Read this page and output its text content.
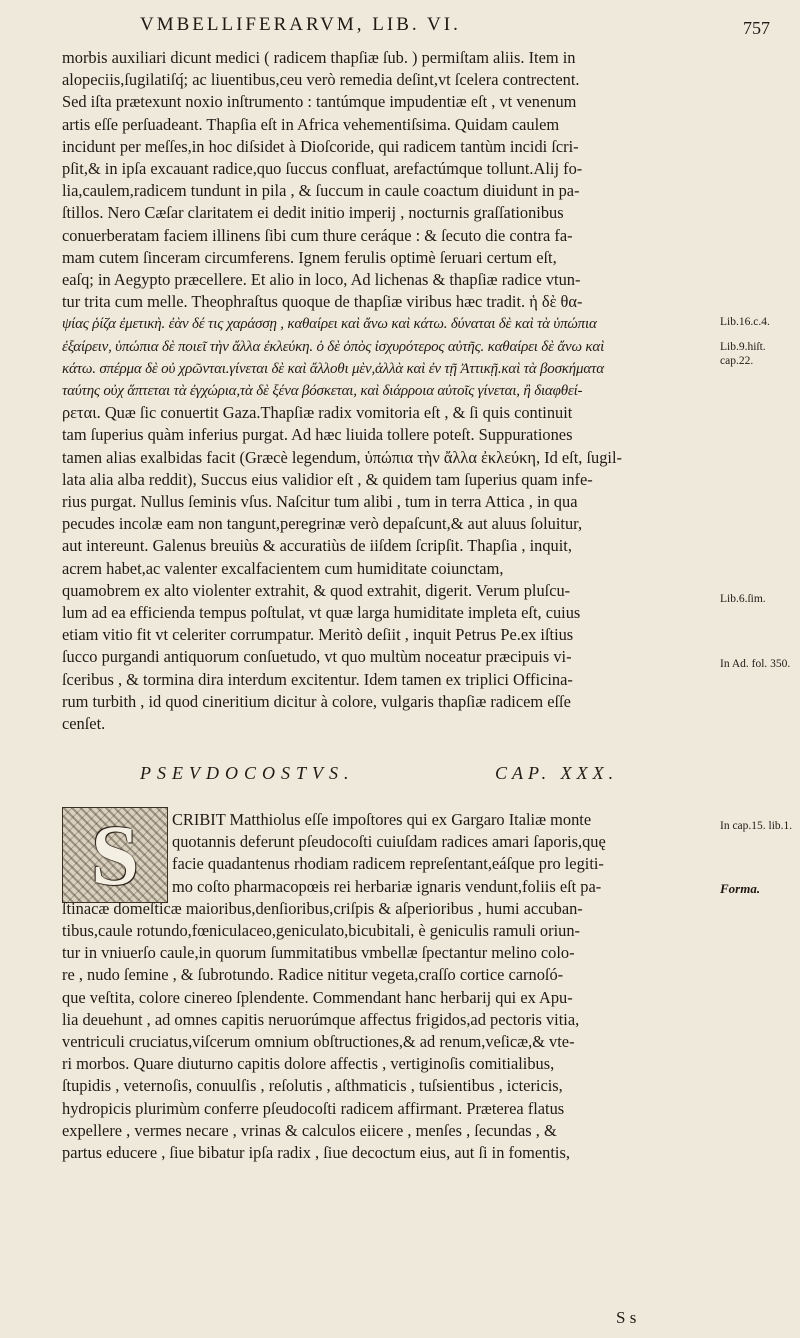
VMBELLIFERARVM, LIB. VI.	757
morbis auxiliari dicunt medici ( radicem thapſiæ ſub. ) permiſtam aliis. Item in
alopeciis,ſugilatiſq́; ac liuentibus,ceu verò remedia deſint,vt ſcelera contrectent.
Sed iſta prætexunt noxio inſtrumento : tantúmque impudentiæ eſt , vt venenum
artis eſſe perſuadeant. Thapſia eſt in Africa vehementiſsima. Quidam caulem
incidunt per meſſes,in hoc diſsidet à Dioſcoride, qui radicem tantùm incidi ſcri-
pſit,& in ipſa excauant radice,quo ſuccus confluat, arefactúmque tollunt.Alij fo-
lia,caulem,radicem tundunt in pila , & ſuccum in caule coactum diuidunt in pa-
ſtillos. Nero Cæſar claritatem ei dedit initio imperij , nocturnis graſſationibus
conuerberatam faciem illinens ſibi cum thure ceráque : & ſecuto die contra fa-
mam cutem ſinceram circumferens. Ignem ferulis optimè ſeruari certum eſt,
eaſq; in Aegypto præcellere. Et alio in loco, Ad lichenas & thapſiæ radice vtun-
tur trita cum melle. Theophraſtus quoque de thapſiæ viribus hæc tradit. ἡ δὲ θα-
ψίας ῥίζα ἐμετικὴ. ἐὰν δέ τις χαράσσῃ , καθαίρει καὶ ἄνω καὶ κάτω. δύναται δὲ καὶ τὰ ὑπώπια
ἐξαίρειν, ὑπώπια δὲ ποιεῖ τὴν ἄλλα ἐκλεύκη. ὁ δὲ ὀπὸς ἰσχυρότερος αὐτῆς. καθαίρει δὲ ἄνω καὶ
κάτω. σπέρμα δὲ οὐ χρῶνται.γίνεται δὲ καὶ ἄλλοθι μὲν,ἀλλὰ καὶ ἐν τῇ Ἀττικῇ.καὶ τὰ βοσκήματα
ταύτης οὐχ ἅπτεται τὰ ἐγχώρια,τὰ δὲ ξένα βόσκεται, καὶ διάρροια αὐτοῖς γίνεται, ἢ διαφθεί-
ρεται. Quæ ſic conuertit Gaza.Thapſiæ radix vomitoria eſt , & ſi quis continuit
tam ſuperius quàm inferius purgat. Ad hæc liuida tollere poteſt. Suppurationes
tamen alias exalbidas facit (Græcè legendum, ὑπώπια τὴν ἄλλα ἐκλεύκη, Id eſt, ſugil-
lata alia alba reddit), Succus eius validior eſt , & quidem tam ſuperius quam infe-
rius purgat. Nullus ſeminis vſus. Naſcitur tum alibi , tum in terra Attica , in qua
pecudes incolæ eam non tangunt,peregrinæ verò depaſcunt,& aut aluus ſoluitur,
aut intereunt. Galenus breuiùs & accuratiùs de iiſdem ſcripſit. Thapſia , inquit,
acrem habet,ac valenter excalfacientem cum humiditate coiunctam,
quamobrem ex alto violenter extrahit, & quod extrahit, digerit. Verum pluſcu-
lum ad ea efficienda tempus poſtulat, vt quæ larga humiditate impleta eſt, cuius
etiam vitio fit vt celeriter corrumpatur. Meritò deſiit , inquit Petrus Pe.ex iſtius
ſucco purgandi antiquorum conſuetudo, vt quo multùm noceatur præcipuis vi-
ſceribus , & tormina dira interdum excitentur. Idem tamen ex triplici Officina-
rum turbith , id quod cineritium dicitur à colore, vulgaris thapſiæ radicem eſſe
cenſet.
Lib.16.c.4.
Lib.9.hiſt. cap.22.
Lib.6.ſim.
In Ad. fol. 350.
In cap.15. lib.1.
Forma.
PSEVDOCOSTVS.	CAP. XXX.
S	CRIBIT Matthiolus eſſe impoſtores qui ex Gargaro Italiæ monte
quotannis deferunt pſeudocoſti cuiuſdam radices amari ſaporis,quę
facie quadantenus rhodiam radicem repreſentant,eáſque pro legiti-
mo coſto pharmacopœis rei herbariæ ignaris vendunt,foliis eſt pa-
ſtinacæ domeſticæ maioribus,denſioribus,criſpis & aſperioribus , humi accuban-
tibus,caule rotundo,fœniculaceo,geniculato,bicubitali, è geniculis ramuli oriun-
tur in vniuerſo caule,in quorum ſummitatibus vmbellæ ſpectantur melino colo-
re , nudo ſemine , & ſubrotundo. Radice nititur vegeta,craſſo cortice carnoſó-
que veſtita, colore cinereo ſplendente. Commendant hanc herbarij qui ex Apu-
lia deuehunt , ad omnes capitis neruorúmque affectus frigidos,ad pectoris vitia,
ventriculi cruciatus,viſcerum omnium obſtructiones,& ad renum,veſicæ,& vte-
ri morbos. Quare diuturno capitis dolore affectis , vertiginoſis comitialibus,
ſtupidis , veternoſis, conuulſis , reſolutis , aſthmaticis , tuſsientibus , ictericis,
hydropicis plurimùm conferre pſeudocoſti radicem affirmant. Præterea flatus
expellere , vermes necare , vrinas & calculos eiicere , menſes , ſecundas , &
partus educere , ſiue bibatur ipſa radix , ſiue decoctum eius, aut ſi in fomentis,
S s
